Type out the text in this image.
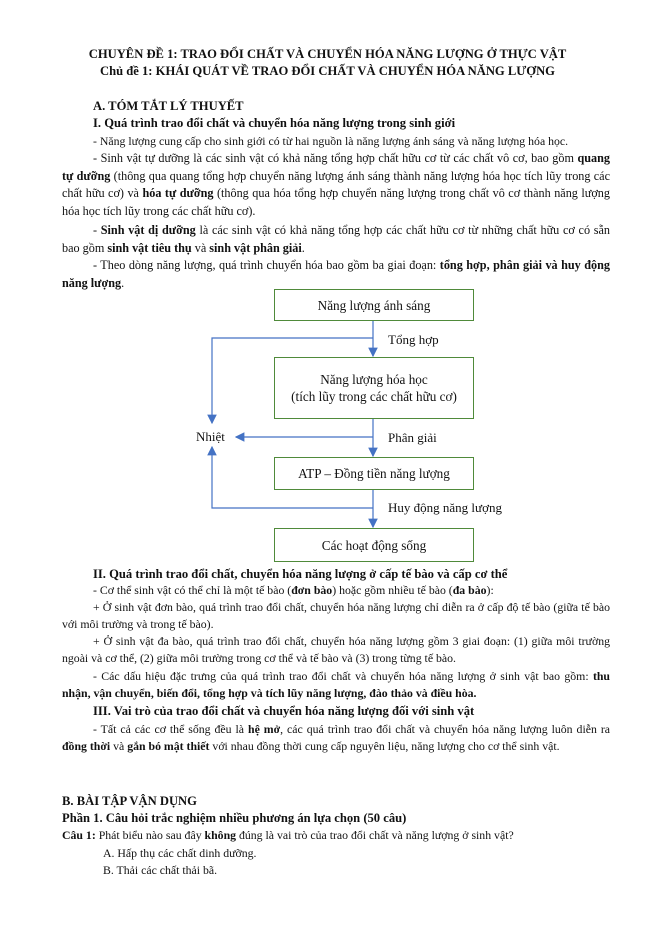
CHUYÊN ĐỀ 1: TRAO ĐỔI CHẤT VÀ CHUYỂN HÓA NĂNG LƯỢNG Ở THỰC VẬT

Chủ đề 1: KHÁI QUÁT VỀ TRAO ĐỔI CHẤT VÀ CHUYỂN HÓA NĂNG LƯỢNG

A. TÓM TẮT LÝ THUYẾT

I. Quá trình trao đổi chất và chuyển hóa năng lượng trong sinh giới

- Năng lượng cung cấp cho sinh giới có từ hai nguồn là năng lượng ánh sáng và năng lượng hóa học.

- Sinh vật tự dưỡng là các sinh vật có khả năng tổng hợp chất hữu cơ từ các chất vô cơ, bao gồm quang tự dưỡng (thông qua quang tổng hợp chuyển năng lượng ánh sáng thành năng lượng hóa học tích lũy trong các chất hữu cơ) và hóa tự dưỡng (thông qua hóa tổng hợp chuyển năng lượng trong chất vô cơ thành năng lượng hóa học tích lũy trong các chất hữu cơ).

- Sinh vật dị dưỡng là các sinh vật có khả năng tổng hợp các chất hữu cơ từ những chất hữu cơ có sẵn bao gồm sinh vật tiêu thụ và sinh vật phân giải.

- Theo dòng năng lượng, quá trình chuyển hóa bao gồm ba giai đoạn: tổng hợp, phân giải và huy động năng lượng.

Năng lượng ánh sáng
Năng lượng hóa học
(tích lũy trong các chất hữu cơ)
ATP – Đồng tiền năng lượng
Các hoạt động sống
Tổng hợp
Phân giải
Huy động năng lượng
Nhiệt

II. Quá trình trao đổi chất, chuyển hóa năng lượng ở cấp tế bào và cấp cơ thể

- Cơ thể sinh vật có thể chỉ là một tế bào (đơn bào) hoặc gồm nhiều tế bào (đa bào):

+ Ở sinh vật đơn bào, quá trình trao đổi chất, chuyển hóa năng lượng chỉ diễn ra ở cấp độ tế bào (giữa tế bào với môi trường và trong tế bào).

+ Ở sinh vật đa bào, quá trình trao đổi chất, chuyển hóa năng lượng gồm 3 giai đoạn: (1) giữa môi trường ngoài và cơ thể, (2) giữa môi trường trong cơ thể và tế bào và (3) trong từng tế bào.

- Các dấu hiệu đặc trưng của quá trình trao đổi chất và chuyển hóa năng lượng ở sinh vật bao gồm: thu nhận, vận chuyển, biến đổi, tổng hợp và tích lũy năng lượng, đào thảo và điều hòa.

III. Vai trò của trao đổi chất và chuyển hóa năng lượng đối với sinh vật

- Tất cả các cơ thể sống đều là hệ mở, các quá trình trao đổi chất và chuyển hóa năng lượng luôn diễn ra đồng thời và gắn bó mật thiết với nhau đồng thời cung cấp nguyên liệu, năng lượng cho cơ thể sinh vật.

B. BÀI TẬP VẬN DỤNG

Phần 1. Câu hỏi trắc nghiệm nhiều phương án lựa chọn (50 câu)

Câu 1: Phát biểu nào sau đây không đúng là vai trò của trao đổi chất và năng lượng ở sinh vật?

A. Hấp thụ các chất dinh dưỡng.

B. Thải các chất thải bã.
